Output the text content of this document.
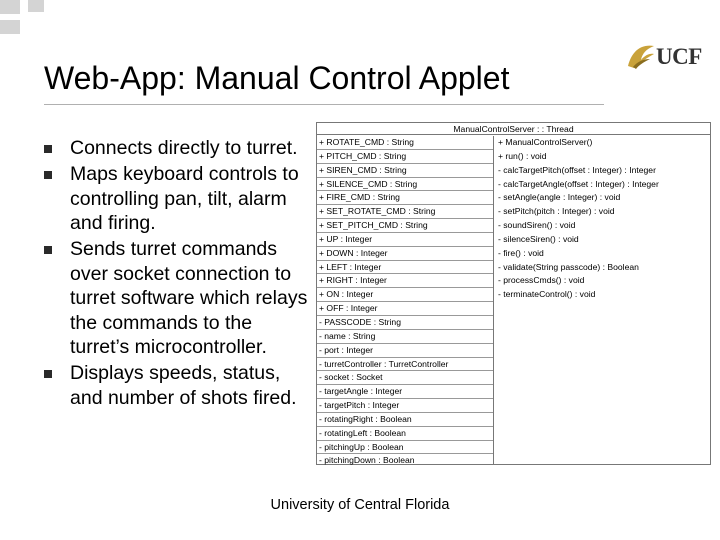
UCF
Web-App: Manual Control Applet
Connects directly to turret.
Maps keyboard controls to controlling pan, tilt, alarm and firing.
Sends turret commands over socket connection to turret software which relays the commands to the turret’s microcontroller.
Displays speeds, status, and number of shots fired.
ManualControlServer : : Thread
+ ROTATE_CMD : String
+ PITCH_CMD : String
+ SIREN_CMD : String
+ SILENCE_CMD : String
+ FIRE_CMD : String
+ SET_ROTATE_CMD : String
+ SET_PITCH_CMD : String
+ UP : Integer
+ DOWN : Integer
+ LEFT : Integer
+ RIGHT : Integer
+ ON : Integer
+ OFF : Integer
- PASSCODE : String
- name : String
- port : Integer
- turretController : TurretController
- socket : Socket
- targetAngle : Integer
- targetPitch : Integer
- rotatingRight : Boolean
- rotatingLeft : Boolean
- pitchingUp : Boolean
- pitchingDown : Boolean
+ ManualControlServer()
+ run() : void
- calcTargetPitch(offset : Integer) : Integer
- calcTargetAngle(offset : Integer) : Integer
- setAngle(angle : Integer) : void
- setPitch(pitch : Integer) : void
- soundSiren() : void
- silenceSiren() : void
- fire() : void
- validate(String passcode) : Boolean
- processCmds() : void
- terminateControl() : void
University of Central Florida
